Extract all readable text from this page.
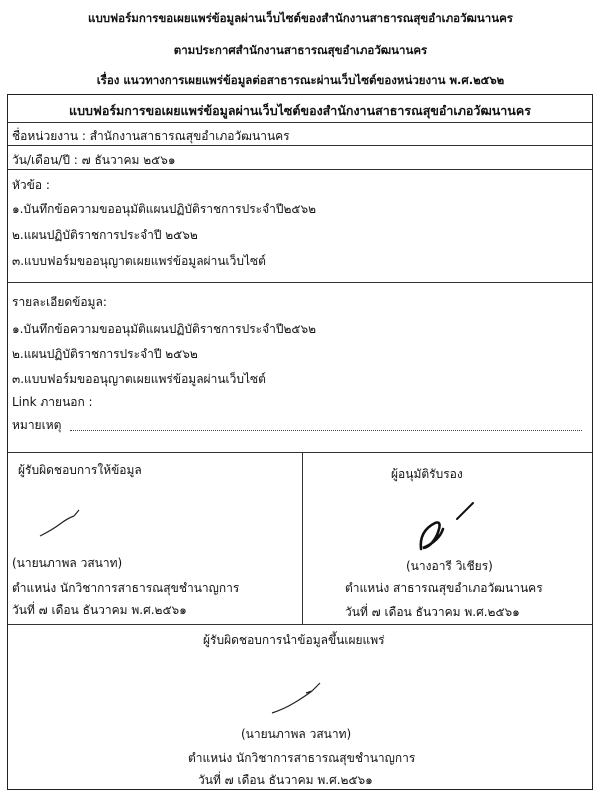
แบบฟอร์มการขอเผยแพร่ข้อมูลผ่านเว็บไซต์ของสำนักงานสาธารณสุขอำเภอวัฒนานคร
ตามประกาศสำนักงานสาธารณสุขอำเภอวัฒนานคร
เรื่อง แนวทางการเผยแพร่ข้อมูลต่อสาธารณะผ่านเว็บไซต์ของหน่วยงาน พ.ศ.๒๕๖๒
แบบฟอร์มการขอเผยแพร่ข้อมูลผ่านเว็บไซต์ของสำนักงานสาธารณสุขอำเภอวัฒนานคร
ชื่อหน่วยงาน : สำนักงานสาธารณสุขอำเภอวัฒนานคร
วัน/เดือน/ปี : ๗ ธันวาคม ๒๕๖๑
หัวข้อ :
๑.บันทึกข้อความขออนุมัติแผนปฏิบัติราชการประจำปี๒๕๖๒
๒.แผนปฏิบัติราชการประจำปี ๒๕๖๒
๓.แบบฟอร์มขออนุญาตเผยแพร่ข้อมูลผ่านเว็บไซต์
รายละเอียดข้อมูล:
๑.บันทึกข้อความขออนุมัติแผนปฏิบัติราชการประจำปี๒๕๖๒
๒.แผนปฏิบัติราชการประจำปี ๒๕๖๒
๓.แบบฟอร์มขออนุญาตเผยแพร่ข้อมูลผ่านเว็บไซต์
Link ภายนอก :
หมายเหตุ
ผู้รับผิดชอบการให้ข้อมูล
(นายนภาพล วสนาท)
ตำแหน่ง นักวิชาการสาธารณสุขชำนาญการ
วันที่ ๗ เดือน ธันวาคม พ.ศ.๒๕๖๑
ผู้อนุมัติรับรอง
(นางอารี วิเชียร)
ตำแหน่ง สาธารณสุขอำเภอวัฒนานคร
วันที่ ๗ เดือน ธันวาคม พ.ศ.๒๕๖๑
ผู้รับผิดชอบการนำข้อมูลขึ้นเผยแพร่
(นายนภาพล วสนาท)
ตำแหน่ง นักวิชาการสาธารณสุขชำนาญการ
วันที่ ๗ เดือน ธันวาคม พ.ศ.๒๕๖๑
